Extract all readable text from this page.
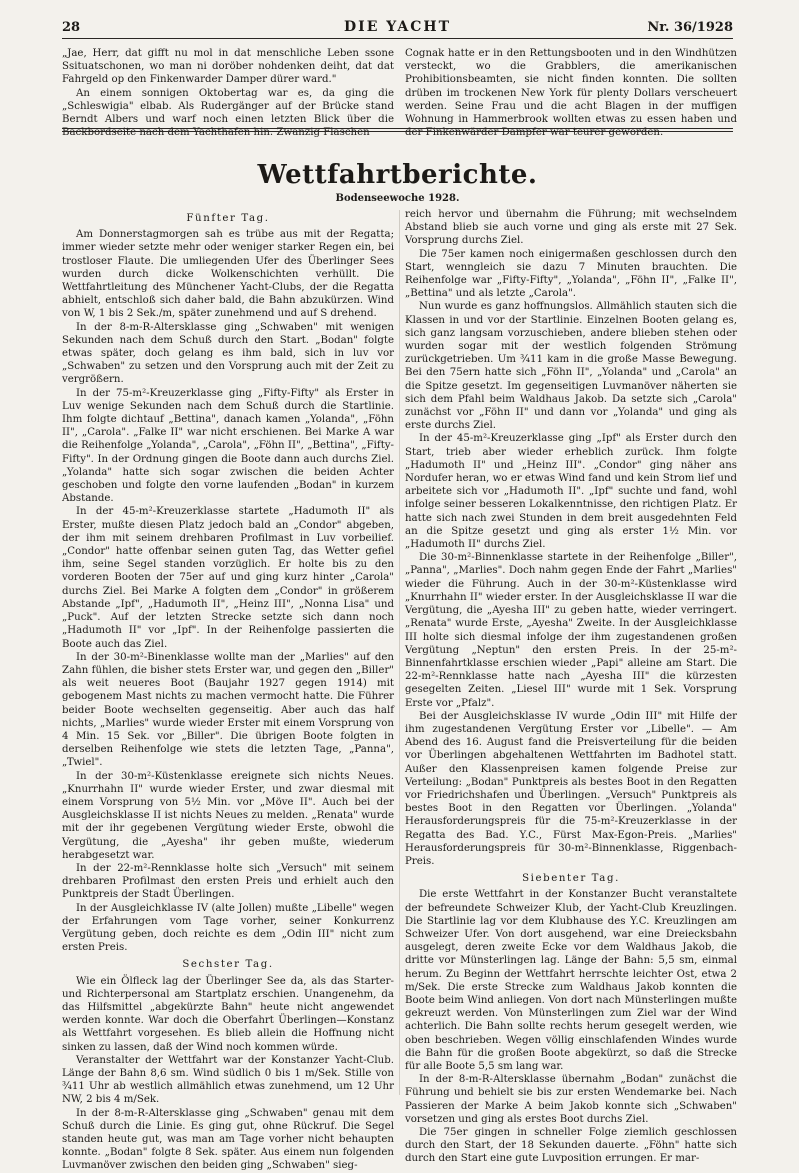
28	DIE YACHT	Nr. 36/1928

„Jae, Herr, dat gifft nu mol in dat menschliche Leben ssone Ssituatschonen, wo man ni doröber nohdenken deiht, dat dat Fahrgeld op den Finkenwarder Damper dürer ward."

An einem sonnigen Oktobertag war es, da ging die „Schleswigia" elbab. Als Rudergänger auf der Brücke stand Berndt Albers und warf noch einen letzten Blick über die Backbordseite nach dem Yachthafen hin. Zwanzig Flaschen

Cognak hatte er in den Rettungsbooten und in den Windhützen versteckt, wo die Grabblers, die amerikanischen Prohibitionsbeamten, sie nicht finden konnten. Die sollten drüben im trockenen New York für plenty Dollars verscheuert werden. Seine Frau und die acht Blagen in der muffigen Wohnung in Hammerbrook wollten etwas zu essen haben und der Finkenwärder Dampfer war teurer geworden.

Wettfahrtberichte.
Bodenseewoche 1928.
Fünfter Tag.

Am Donnerstagmorgen sah es trübe aus mit der Regatta; immer wieder setzte mehr oder weniger starker Regen ein, bei trostloser Flaute. Die umliegenden Ufer des Überlinger Sees wurden durch dicke Wolkenschichten verhüllt. Die Wettfahrtleitung des Münchener Yacht-Clubs, der die Regatta abhielt, entschloß sich daher bald, die Bahn abzukürzen. Wind von W, 1 bis 2 Sek./m, später zunehmend und auf S drehend.

In der 8-m-R-Altersklasse ging „Schwaben" mit wenigen Sekunden nach dem Schuß durch den Start. „Bodan" folgte etwas später, doch gelang es ihm bald, sich in luv vor „Schwaben" zu setzen und den Vorsprung auch mit der Zeit zu vergrößern.

In der 75-m²-Kreuzerklasse ging „Fifty-Fifty" als Erster in Luv wenige Sekunden nach dem Schuß durch die Startlinie. Ihm folgte dichtauf „Bettina", danach kamen „Yolanda", „Föhn II", „Carola". „Falke II" war nicht erschienen. Bei Marke A war die Reihenfolge „Yolanda", „Carola", „Föhn II", „Bettina", „Fifty-Fifty". In der Ordnung gingen die Boote dann auch durchs Ziel. „Yolanda" hatte sich sogar zwischen die beiden Achter geschoben und folgte den vorne laufenden „Bodan" in kurzem Abstande.

In der 45-m²-Kreuzerklasse startete „Hadumoth II" als Erster, mußte diesen Platz jedoch bald an „Condor" abgeben, der ihm mit seinem drehbaren Profilmast in Luv vorbeilief. „Condor" hatte offenbar seinen guten Tag, das Wetter gefiel ihm, seine Segel standen vorzüglich. Er holte bis zu den vorderen Booten der 75er auf und ging kurz hinter „Carola" durchs Ziel. Bei Marke A folgten dem „Condor" in größerem Abstande „Ipf", „Hadumoth II", „Heinz III", „Nonna Lisa" und „Puck". Auf der letzten Strecke setzte sich dann noch „Hadumoth II" vor „Ipf". In der Reihenfolge passierten die Boote auch das Ziel.

In der 30-m²-Binenklasse wollte man der „Marlies" auf den Zahn fühlen, die bisher stets Erster war, und gegen den „Biller" als weit neueres Boot (Baujahr 1927 gegen 1914) mit gebogenem Mast nichts zu machen vermocht hatte. Die Führer beider Boote wechselten gegenseitig. Aber auch das half nichts, „Marlies" wurde wieder Erster mit einem Vorsprung von 4 Min. 15 Sek. vor „Biller". Die übrigen Boote folgten in derselben Reihenfolge wie stets die letzten Tage, „Panna", „Twiel".

In der 30-m²-Küstenklasse ereignete sich nichts Neues. „Knurrhahn II" wurde wieder Erster, und zwar diesmal mit einem Vorsprung von 5½ Min. vor „Möve II". Auch bei der Ausgleichsklasse II ist nichts Neues zu melden. „Renata" wurde mit der ihr gegebenen Vergütung wieder Erste, obwohl die Vergütung, die „Ayesha" ihr geben mußte, wiederum herabgesetzt war.

In der 22-m²-Rennklasse holte sich „Versuch" mit seinem drehbaren Profilmast den ersten Preis und erhielt auch den Punktpreis der Stadt Überlingen.

In der Ausgleichklasse IV (alte Jollen) mußte „Libelle" wegen der Erfahrungen vom Tage vorher, seiner Konkurrenz Vergütung geben, doch reichte es dem „Odin III" nicht zum ersten Preis.

Sechster Tag.

Wie ein Ölfleck lag der Überlinger See da, als das Starter- und Richterpersonal am Startplatz erschien. Unangenehm, da das Hilfsmittel „abgekürzte Bahn" heute nicht angewendet werden konnte. War doch die Oberfahrt Überlingen—Konstanz als Wettfahrt vorgesehen. Es blieb allein die Hoffnung nicht sinken zu lassen, daß der Wind noch kommen würde.

Veranstalter der Wettfahrt war der Konstanzer Yacht-Club. Länge der Bahn 8,6 sm. Wind südlich 0 bis 1 m/Sek. Stille von ¾11 Uhr ab westlich allmählich etwas zunehmend, um 12 Uhr NW, 2 bis 4 m/Sek.

In der 8-m-R-Altersklasse ging „Schwaben" genau mit dem Schuß durch die Linie. Es ging gut, ohne Rückruf. Die Segel standen heute gut, was man am Tage vorher nicht behaupten konnte. „Bodan" folgte 8 Sek. später. Aus einem nun folgenden Luvmanöver zwischen den beiden ging „Schwaben" sieg-

reich hervor und übernahm die Führung; mit wechselndem Abstand blieb sie auch vorne und ging als erste mit 27 Sek. Vorsprung durchs Ziel.

Die 75er kamen noch einigermaßen geschlossen durch den Start, wenngleich sie dazu 7 Minuten brauchten. Die Reihenfolge war „Fifty-Fifty", „Yolanda", „Föhn II", „Falke II", „Bettina" und als letzte „Carola".

Nun wurde es ganz hoffnungslos. Allmählich stauten sich die Klassen in und vor der Startlinie. Einzelnen Booten gelang es, sich ganz langsam vorzuschieben, andere blieben stehen oder wurden sogar mit der westlich folgenden Strömung zurückgetrieben. Um ¾11 kam in die große Masse Bewegung. Bei den 75ern hatte sich „Föhn II", „Yolanda" und „Carola" an die Spitze gesetzt. Im gegenseitigen Luvmanöver näherten sie sich dem Pfahl beim Waldhaus Jakob. Da setzte sich „Carola" zunächst vor „Föhn II" und dann vor „Yolanda" und ging als erste durchs Ziel.

In der 45-m²-Kreuzerklasse ging „Ipf" als Erster durch den Start, trieb aber wieder erheblich zurück. Ihm folgte „Hadumoth II" und „Heinz III". „Condor" ging näher ans Nordufer heran, wo er etwas Wind fand und kein Strom lief und arbeitete sich vor „Hadumoth II". „Ipf" suchte und fand, wohl infolge seiner besseren Lokalkenntnisse, den richtigen Platz. Er hatte sich nach zwei Stunden in dem breit ausgedehnten Feld an die Spitze gesetzt und ging als erster 1½ Min. vor „Hadumoth II" durchs Ziel.

Die 30-m²-Binnenklasse startete in der Reihenfolge „Biller", „Panna", „Marlies". Doch nahm gegen Ende der Fahrt „Marlies" wieder die Führung. Auch in der 30-m²-Küstenklasse wird „Knurrhahn II" wieder erster. In der Ausgleichsklasse II war die Vergütung, die „Ayesha III" zu geben hatte, wieder verringert. „Renata" wurde Erste, „Ayesha" Zweite. In der Ausgleichklasse III holte sich diesmal infolge der ihm zugestandenen großen Vergütung „Neptun" den ersten Preis. In der 25-m²-Binnenfahrtklasse erschien wieder „Papi" alleine am Start. Die 22-m²-Rennklasse hatte nach „Ayesha III" die kürzesten gesegelten Zeiten. „Liesel III" wurde mit 1 Sek. Vorsprung Erste vor „Pfalz".

Bei der Ausgleichsklasse IV wurde „Odin III" mit Hilfe der ihm zugestandenen Vergütung Erster vor „Libelle". — Am Abend des 16. August fand die Preisverteilung für die beiden vor Überlingen abgehaltenen Wettfahrten im Badhotel statt. Außer den Klassenpreisen kamen folgende Preise zur Verteilung: „Bodan" Punktpreis als bestes Boot in den Regatten vor Friedrichshafen und Überlingen. „Versuch" Punktpreis als bestes Boot in den Regatten vor Überlingen. „Yolanda" Herausforderungspreis für die 75-m²-Kreuzerklasse in der Regatta des Bad. Y.C., Fürst Max-Egon-Preis. „Marlies" Herausforderungspreis für 30-m²-Binnenklasse, Riggenbach-Preis.

Siebenter Tag.

Die erste Wettfahrt in der Konstanzer Bucht veranstaltete der befreundete Schweizer Klub, der Yacht-Club Kreuzlingen. Die Startlinie lag vor dem Klubhause des Y.C. Kreuzlingen am Schweizer Ufer. Von dort ausgehend, war eine Dreiecksbahn ausgelegt, deren zweite Ecke vor dem Waldhaus Jakob, die dritte vor Münsterlingen lag. Länge der Bahn: 5,5 sm, einmal herum. Zu Beginn der Wettfahrt herrschte leichter Ost, etwa 2 m/Sek. Die erste Strecke zum Waldhaus Jakob konnten die Boote beim Wind anliegen. Von dort nach Münsterlingen mußte gekreuzt werden. Von Münsterlingen zum Ziel war der Wind achterlich. Die Bahn sollte rechts herum gesegelt werden, wie oben beschrieben. Wegen völlig einschlafenden Windes wurde die Bahn für die großen Boote abgekürzt, so daß die Strecke für alle Boote 5,5 sm lang war.

In der 8-m-R-Altersklasse übernahm „Bodan" zunächst die Führung und behielt sie bis zur ersten Wendemarke bei. Nach Passieren der Marke A beim Jakob konnte sich „Schwaben" vorsetzen und ging als erstes Boot durchs Ziel.

Die 75er gingen in schneller Folge ziemlich geschlossen durch den Start, der 18 Sekunden dauerte. „Föhn" hatte sich durch den Start eine gute Luvposition errungen. Er mar-
